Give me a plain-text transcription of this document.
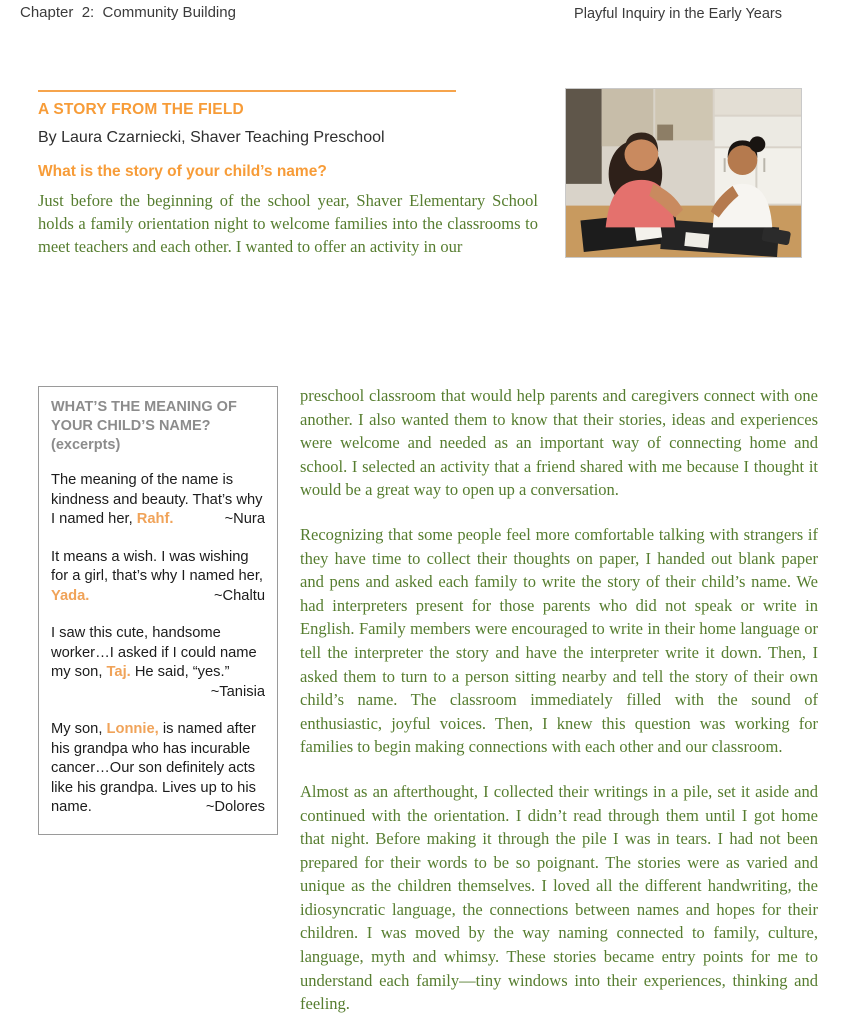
Chapter  2:  Community Building	Playful Inquiry in the Early Years
A STORY FROM THE FIELD
By Laura Czarniecki, Shaver Teaching Preschool
What is the story of your child’s name?
Just before the beginning of the school year, Shaver Elementary School holds a family orientation night to welcome families into the classrooms to meet teachers and each other. I wanted to offer an activity in our
WHAT’S THE MEANING OF YOUR CHILD’S NAME? (excerpts)

The meaning of the name is kindness and beauty. That’s why I named her, Rahf.	~Nura

It means a wish. I was wishing for a girl, that’s why I named her, Yada.	~Chaltu

I saw this cute, handsome worker…I asked if I could name my son, Taj. He said, “yes.”
~Tanisia

My son, Lonnie, is named after his grandpa who has incurable cancer…Our son definitely acts like his grandpa. Lives up to his name.	~Dolores

preschool classroom that would help parents and caregivers connect with one another. I also wanted them to know that their stories, ideas and experiences were welcome and needed as an important way of connecting home and school. I selected an activity that a friend shared with me because I thought it would be a great way to open up a conversation.

Recognizing that some people feel more comfortable talking with strangers if they have time to collect their thoughts on paper, I handed out blank paper and pens and asked each family to write the story of their child’s name. We had interpreters present for those parents who did not speak or write in English. Family members were encouraged to write in their home language or tell the interpreter the story and have the interpreter write it down. Then, I asked them to turn to a person sitting nearby and tell the story of their own child’s name. The classroom immediately filled with the sound of enthusiastic, joyful voices. Then, I knew this question was working for families to begin making connections with each other and our classroom.

Almost as an afterthought, I collected their writings in a pile, set it aside and continued with the orientation. I didn’t read through them until I got home that night. Before making it through the pile I was in tears. I had not been prepared for their words to be so poignant. The stories were as varied and unique as the children themselves. I loved all the different handwriting, the idiosyncratic language, the connections between names and hopes for their children. I was moved by the way naming connected to family, culture, language, myth and whimsy. These stories became entry points for me to understand each family—tiny windows into their experiences, thinking and feeling.
